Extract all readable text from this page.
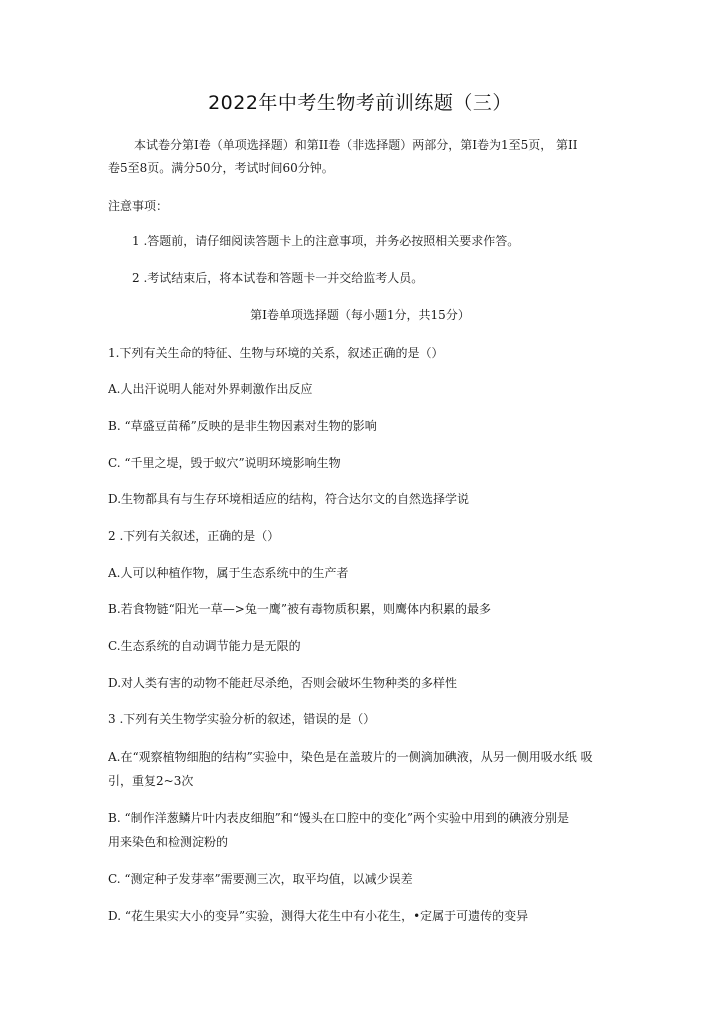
2022年中考生物考前训练题（三）
本试卷分第I卷（单项选择题）和第II卷（非选择题）两部分，第I卷为1至5页， 第II
卷5至8页。满分50分，考试时间60分钟。
注意事项：
1 .答题前，请仔细阅读答题卡上的注意事项，并务必按照相关要求作答。
2 .考试结束后，将本试卷和答题卡一并交给监考人员。
第I卷单项选择题（每小题1分，共15分）
1.下列有关生命的特征、生物与环境的关系，叙述正确的是（）
A.人出汗说明人能对外界刺激作出反应
B. “草盛豆苗稀”反映的是非生物因素对生物的影响
C. “千里之堤，毁于蚁穴”说明环境影响生物
D.生物都具有与生存环境相适应的结构，符合达尔文的自然选择学说
2 .下列有关叙述，正确的是（）
A.人可以种植作物，属于生态系统中的生产者
B.若食物链“阳光一草—>兔一鹰”被有毒物质积累，则鹰体内积累的最多
C.生态系统的自动调节能力是无限的
D.对人类有害的动物不能赶尽杀绝，否则会破坏生物种类的多样性
3 .下列有关生物学实验分析的叙述，错误的是（）
A.在“观察植物细胞的结构”实验中，染色是在盖玻片的一侧滴加碘液，从另一侧用吸水纸 吸
引，重复2~3次
B. “制作洋葱鳞片叶内表皮细胞”和“馒头在口腔中的变化”两个实验中用到的碘液分别是
用来染色和检测淀粉的
C. “测定种子发芽率”需要测三次，取平均值，以减少误差
D. “花生果实大小的变异”实验，测得大花生中有小花生，•定属于可遗传的变异
